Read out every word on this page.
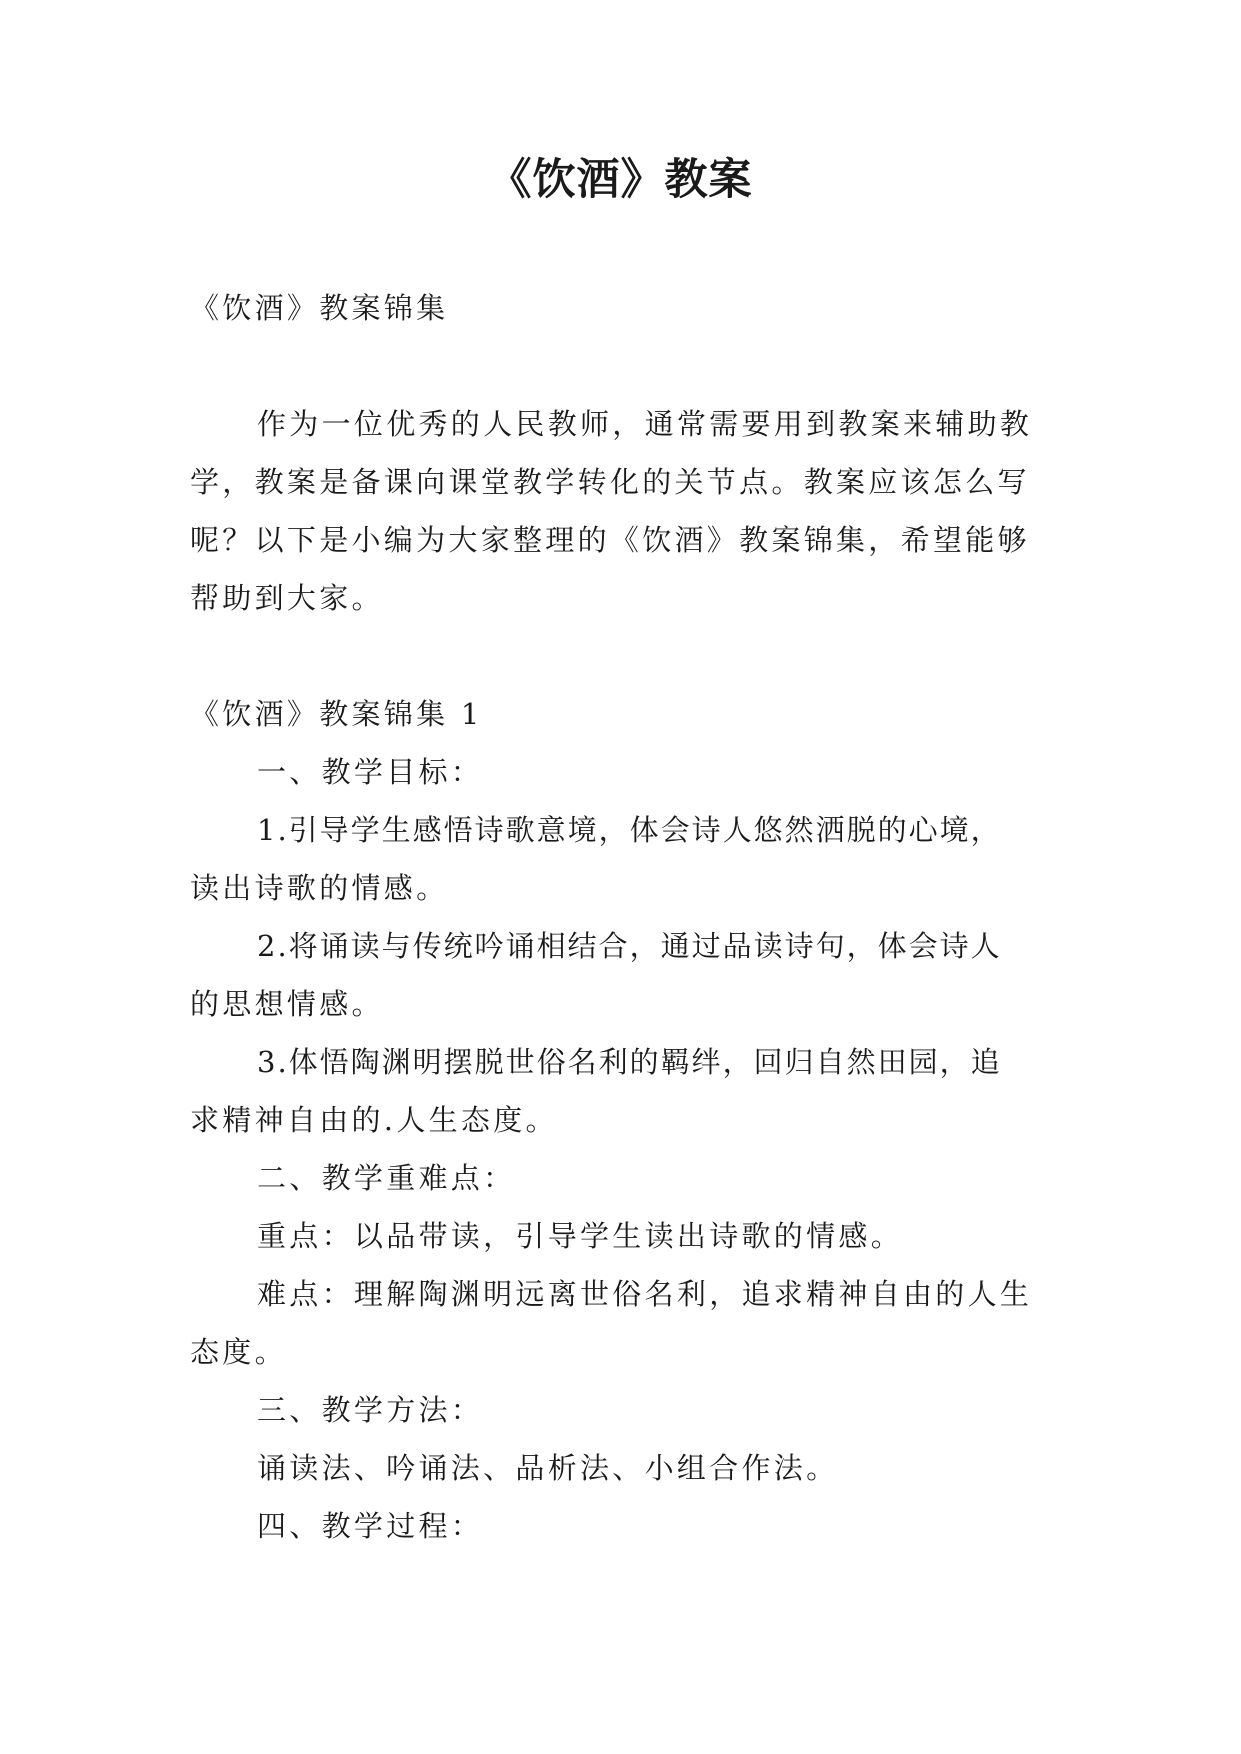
《饮酒》教案

《饮酒》教案锦集

作为一位优秀的人民教师，通常需要用到教案来辅助教

学，教案是备课向课堂教学转化的关节点。教案应该怎么写

呢？以下是小编为大家整理的《饮酒》教案锦集，希望能够

帮助到大家。

《饮酒》教案锦集 1

一、教学目标：

1.引导学生感悟诗歌意境，体会诗人悠然洒脱的心境，

读出诗歌的情感。

2.将诵读与传统吟诵相结合，通过品读诗句，体会诗人

的思想情感。

3.体悟陶渊明摆脱世俗名利的羁绊，回归自然田园，追

求精神自由的.人生态度。

二、教学重难点：

重点：以品带读，引导学生读出诗歌的情感。

难点：理解陶渊明远离世俗名利，追求精神自由的人生

态度。

三、教学方法：

诵读法、吟诵法、品析法、小组合作法。

四、教学过程：
